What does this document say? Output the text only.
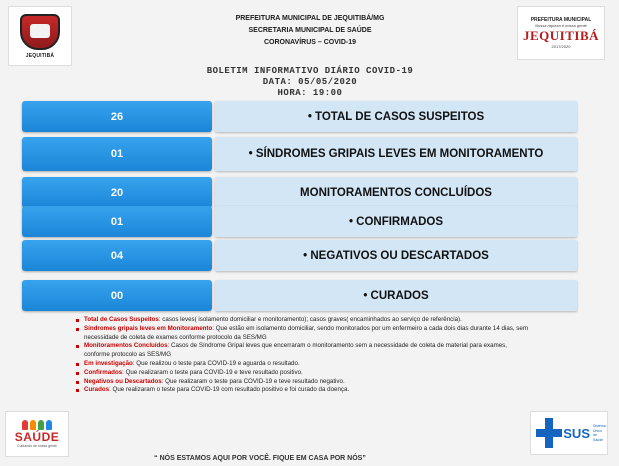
JEQUITIBÁ
PREFEITURA MUNICIPAL DE JEQUITIBÁ/MG
SECRETARIA MUNICIPAL DE SAÚDE
CORONAVÍRUS – COVID-19
PREFEITURA MUNICIPAL
Nossa riqueza é nossa gente
JEQUITIBÁ
2017/2020
BOLETIM INFORMATIVO DIÁRIO COVID-19
DATA: 05/05/2020
HORA: 19:00
26	• TOTAL DE CASOS SUSPEITOS
01	• SÍNDROMES GRIPAIS LEVES EM MONITORAMENTO
20	MONITORAMENTOS CONCLUÍDOS
01	• CONFIRMADOS
04	• NEGATIVOS OU DESCARTADOS
00	• CURADOS
Total de Casos Suspeitos: casos leves( isolamento domiciliar e monitoramento); casos graves( encaminhados ao serviço de referência).
Síndromes gripais leves em Monitoramento: Que estão em isolamento domiciliar, sendo monitorados por um enfermeiro a cada dois dias durante 14 dias, sem necessidade de coleta de exames conforme protocolo da SES/MG
Monitoramentos Concluídos: Casos de Síndrome Gripal leves que encerraram o monitoramento sem a necessidade de coleta de material para exames, conforme protocolo as SES/MG
Em investigação: Que realizou o teste para COVID-19 e aguarda o resultado.
Confirmados: Que realizaram o teste para COVID-19 e teve resultado positivo.
Negativos ou Descartados: Que realizaram o teste para COVID-19 e teve resultado negativo.
Curados: Que realizaram o teste para COVID-19 com resultado positivo e foi curado da doença.
SAÚDE
Cuidando de nossa gente
“ NÓS ESTAMOS AQUI POR VOCÊ. FIQUE EM CASA POR NÓS”
SUS Sistema
Único
de Saúde
